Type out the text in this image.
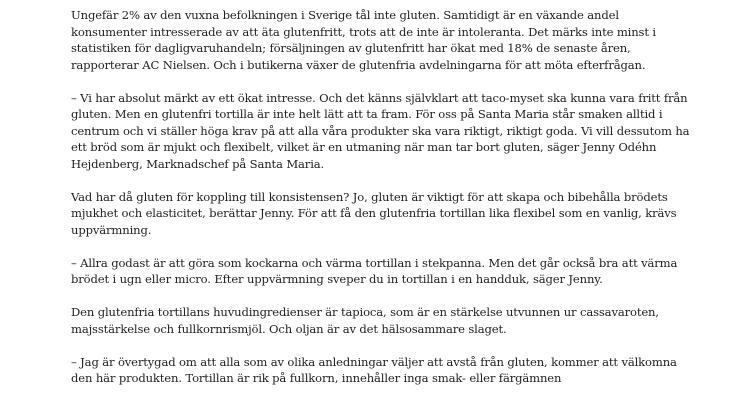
Ungefär 2% av den vuxna befolkningen i Sverige tål inte gluten. Samtidigt är en växande andel konsumenter intresserade av att äta glutenfritt, trots att de inte är intoleranta. Det märks inte minst i statistiken för dagligvaruhandeln; försäljningen av glutenfritt har ökat med 18% de senaste åren, rapporterar AC Nielsen. Och i butikerna växer de glutenfria avdelningarna för att möta efterfrågan.

– Vi har absolut märkt av ett ökat intresse. Och det känns självklart att taco-myset ska kunna vara fritt från gluten. Men en glutenfri tortilla är inte helt lätt att ta fram. För oss på Santa Maria står smaken alltid i centrum och vi ställer höga krav på att alla våra produkter ska vara riktigt, riktigt goda. Vi vill dessutom ha ett bröd som är mjukt och flexibelt, vilket är en utmaning när man tar bort gluten, säger Jenny Odéhn Hejdenberg, Marknadschef på Santa Maria.

Vad har då gluten för koppling till konsistensen? Jo, gluten är viktigt för att skapa och bibehålla brödets mjukhet och elasticitet, berättar Jenny. För att få den glutenfria tortillan lika flexibel som en vanlig, krävs uppvärmning.

– Allra godast är att göra som kockarna och värma tortillan i stekpanna. Men det går också bra att värma brödet i ugn eller micro. Efter uppvärmning sveper du in tortillan i en handduk, säger Jenny.

Den glutenfria tortillans huvudingredienser är tapioca, som är en stärkelse utvunnen ur cassavaroten, majsstärkelse och fullkornrismjöl. Och oljan är av det hälsosammare slaget.

– Jag är övertygad om att alla som av olika anledningar väljer att avstå från gluten, kommer att välkomna den här produkten. Tortillan är rik på fullkorn, innehåller inga smak- eller färgämnen
